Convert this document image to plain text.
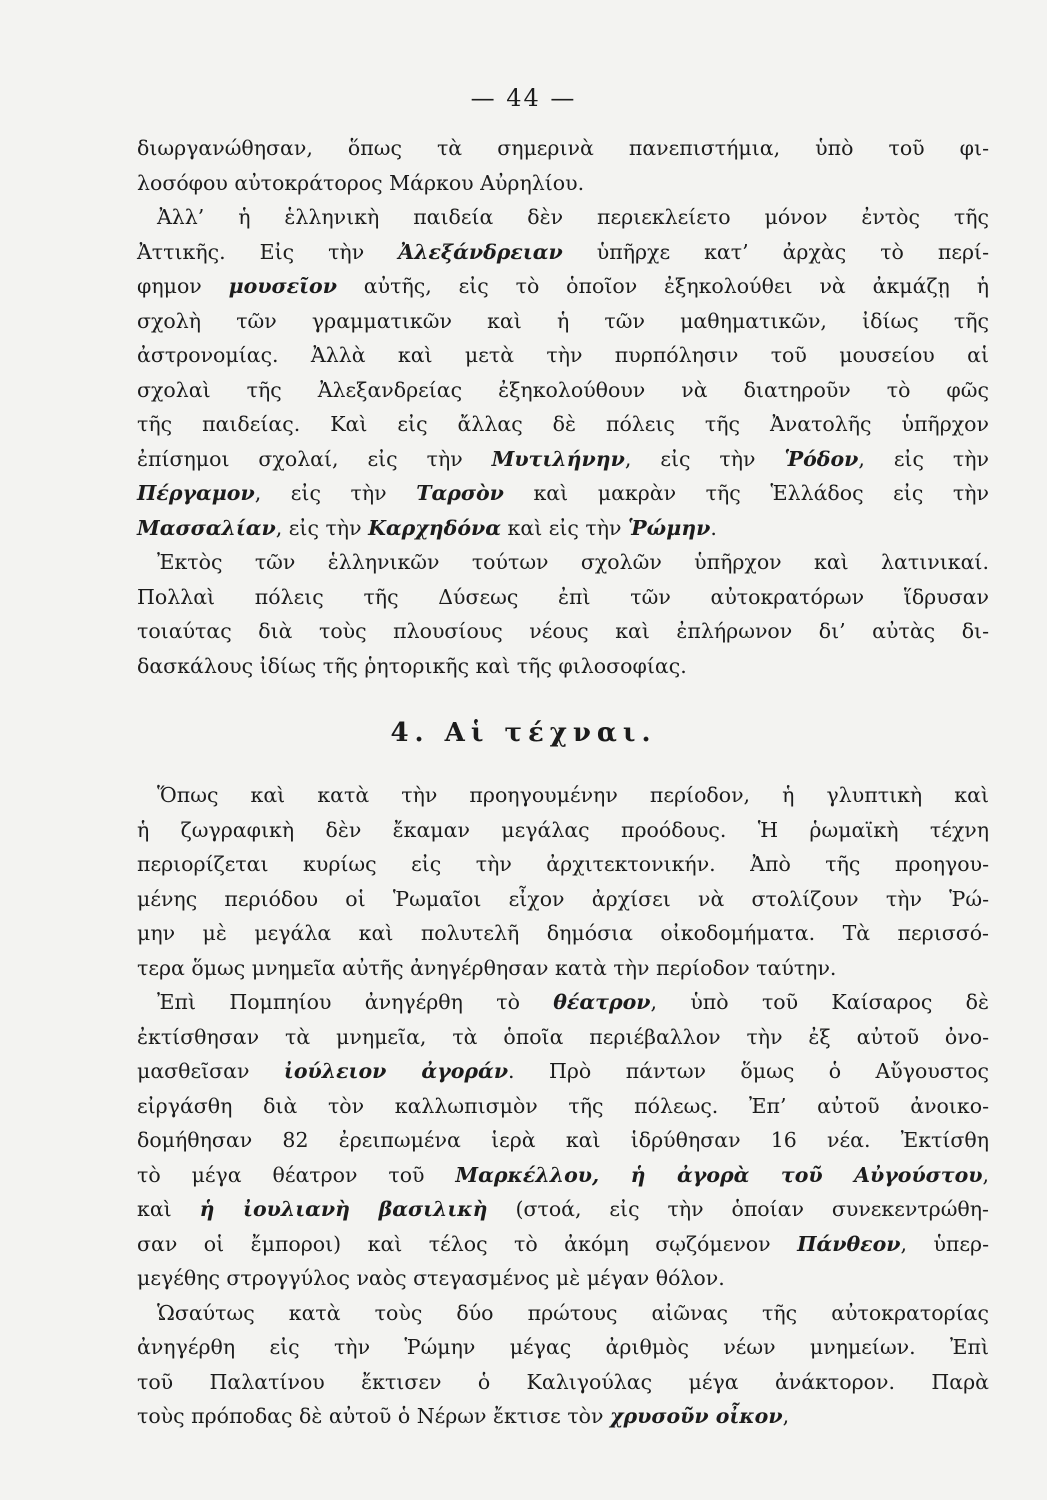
— 44 —
διωργανώθησαν, ὅπως τὰ σημερινὰ πανεπιστήμια, ὑπὸ τοῦ φι-
λοσόφου αὐτοκράτορος Μάρκου Αὐρηλίου.
Ἀλλ’ ἡ ἑλληνικὴ παιδεία δὲν περιεκλείετο μόνον ἐντὸς τῆς
Ἀττικῆς. Εἰς τὴν Ἀλεξάνδρειαν ὑπῆρχε κατ’ ἀρχὰς τὸ περί-
φημον μουσεῖον αὐτῆς, εἰς τὸ ὁποῖον ἐξηκολούθει νὰ ἀκμάζῃ ἡ
σχολὴ τῶν γραμματικῶν καὶ ἡ τῶν μαθηματικῶν, ἰδίως τῆς
ἀστρονομίας. Ἀλλὰ καὶ μετὰ τὴν πυρπόλησιν τοῦ μουσείου αἱ
σχολαὶ τῆς Ἀλεξανδρείας ἐξηκολούθουν νὰ διατηροῦν τὸ φῶς
τῆς παιδείας. Καὶ εἰς ἄλλας δὲ πόλεις τῆς Ἀνατολῆς ὑπῆρχον
ἐπίσημοι σχολαί, εἰς τὴν Μυτιλήνην, εἰς τὴν Ῥόδον, εἰς τὴν
Πέργαμον, εἰς τὴν Ταρσὸν καὶ μακρὰν τῆς Ἑλλάδος εἰς τὴν
Μασσαλίαν, εἰς τὴν Καρχηδόνα καὶ εἰς τὴν Ῥώμην.
Ἐκτὸς τῶν ἑλληνικῶν τούτων σχολῶν ὑπῆρχον καὶ λατινικαί.
Πολλαὶ πόλεις τῆς Δύσεως ἐπὶ τῶν αὐτοκρατόρων ἵδρυσαν
τοιαύτας διὰ τοὺς πλουσίους νέους καὶ ἐπλήρωνον δι’ αὐτὰς δι-
δασκάλους ἰδίως τῆς ῥητορικῆς καὶ τῆς φιλοσοφίας.
4. Αἱ τέχναι.
Ὅπως καὶ κατὰ τὴν προηγουμένην περίοδον, ἡ γλυπτικὴ καὶ
ἡ ζωγραφικὴ δὲν ἔκαμαν μεγάλας προόδους. Ἡ ῥωμαϊκὴ τέχνη
περιορίζεται κυρίως εἰς τὴν ἀρχιτεκτονικήν. Ἀπὸ τῆς προηγου-
μένης περιόδου οἱ Ῥωμαῖοι εἶχον ἀρχίσει νὰ στολίζουν τὴν Ῥώ-
μην μὲ μεγάλα καὶ πολυτελῆ δημόσια οἰκοδομήματα. Τὰ περισσό-
τερα ὅμως μνημεῖα αὐτῆς ἀνηγέρθησαν κατὰ τὴν περίοδον ταύτην.
Ἐπὶ Πομπηίου ἀνηγέρθη τὸ θέατρον, ὑπὸ τοῦ Καίσαρος δὲ
ἐκτίσθησαν τὰ μνημεῖα, τὰ ὁποῖα περιέβαλλον τὴν ἐξ αὐτοῦ ὀνο-
μασθεῖσαν ἰούλειον ἀγοράν. Πρὸ πάντων ὅμως ὁ Αὔγουστος
εἰργάσθη διὰ τὸν καλλωπισμὸν τῆς πόλεως. Ἐπ’ αὐτοῦ ἀνοικο-
δομήθησαν 82 ἐρειπωμένα ἱερὰ καὶ ἱδρύθησαν 16 νέα. Ἐκτίσθη
τὸ μέγα θέατρον τοῦ Μαρκέλλου, ἡ ἀγορὰ τοῦ Αὐγούστου,
καὶ ἡ ἰουλιανὴ βασιλικὴ (στοά, εἰς τὴν ὁποίαν συνεκεντρώθη-
σαν οἱ ἔμποροι) καὶ τέλος τὸ ἀκόμη σῳζόμενον Πάνθεον, ὑπερ-
μεγέθης στρογγύλος ναὸς στεγασμένος μὲ μέγαν θόλον.
Ὡσαύτως κατὰ τοὺς δύο πρώτους αἰῶνας τῆς αὐτοκρατορίας
ἀνηγέρθη εἰς τὴν Ῥώμην μέγας ἀριθμὸς νέων μνημείων. Ἐπὶ
τοῦ Παλατίνου ἔκτισεν ὁ Καλιγούλας μέγα ἀνάκτορον. Παρὰ
τοὺς πρόποδας δὲ αὐτοῦ ὁ Νέρων ἔκτισε τὸν χρυσοῦν οἶκον,
